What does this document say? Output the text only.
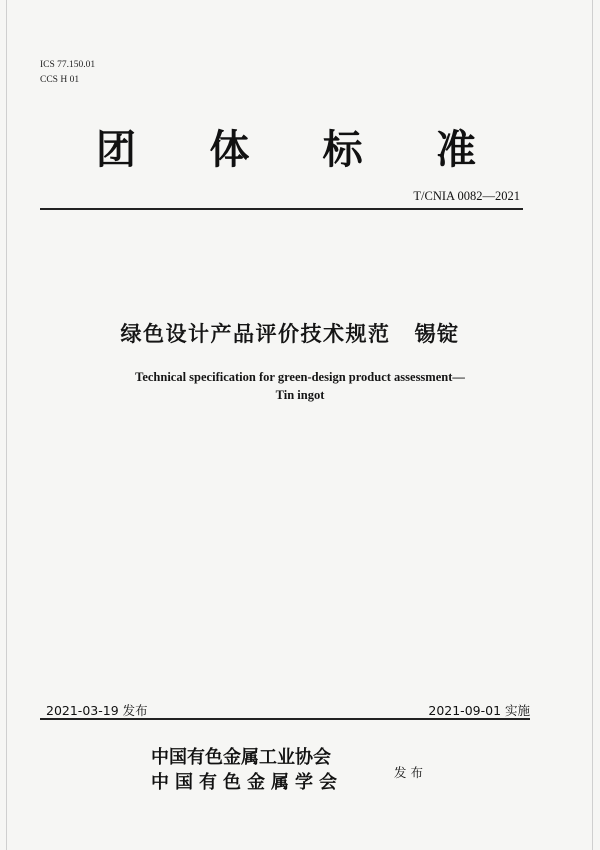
ICS 77.150.01
CCS H 01
团 体 标 准
T/CNIA 0082—2021
绿色设计产品评价技术规范 锡锭
Technical specification for green-design product assessment—
Tin ingot
2021-03-19 发布	2021-09-01 实施
中国有色金属工业协会
中国有色金属学会	发布
